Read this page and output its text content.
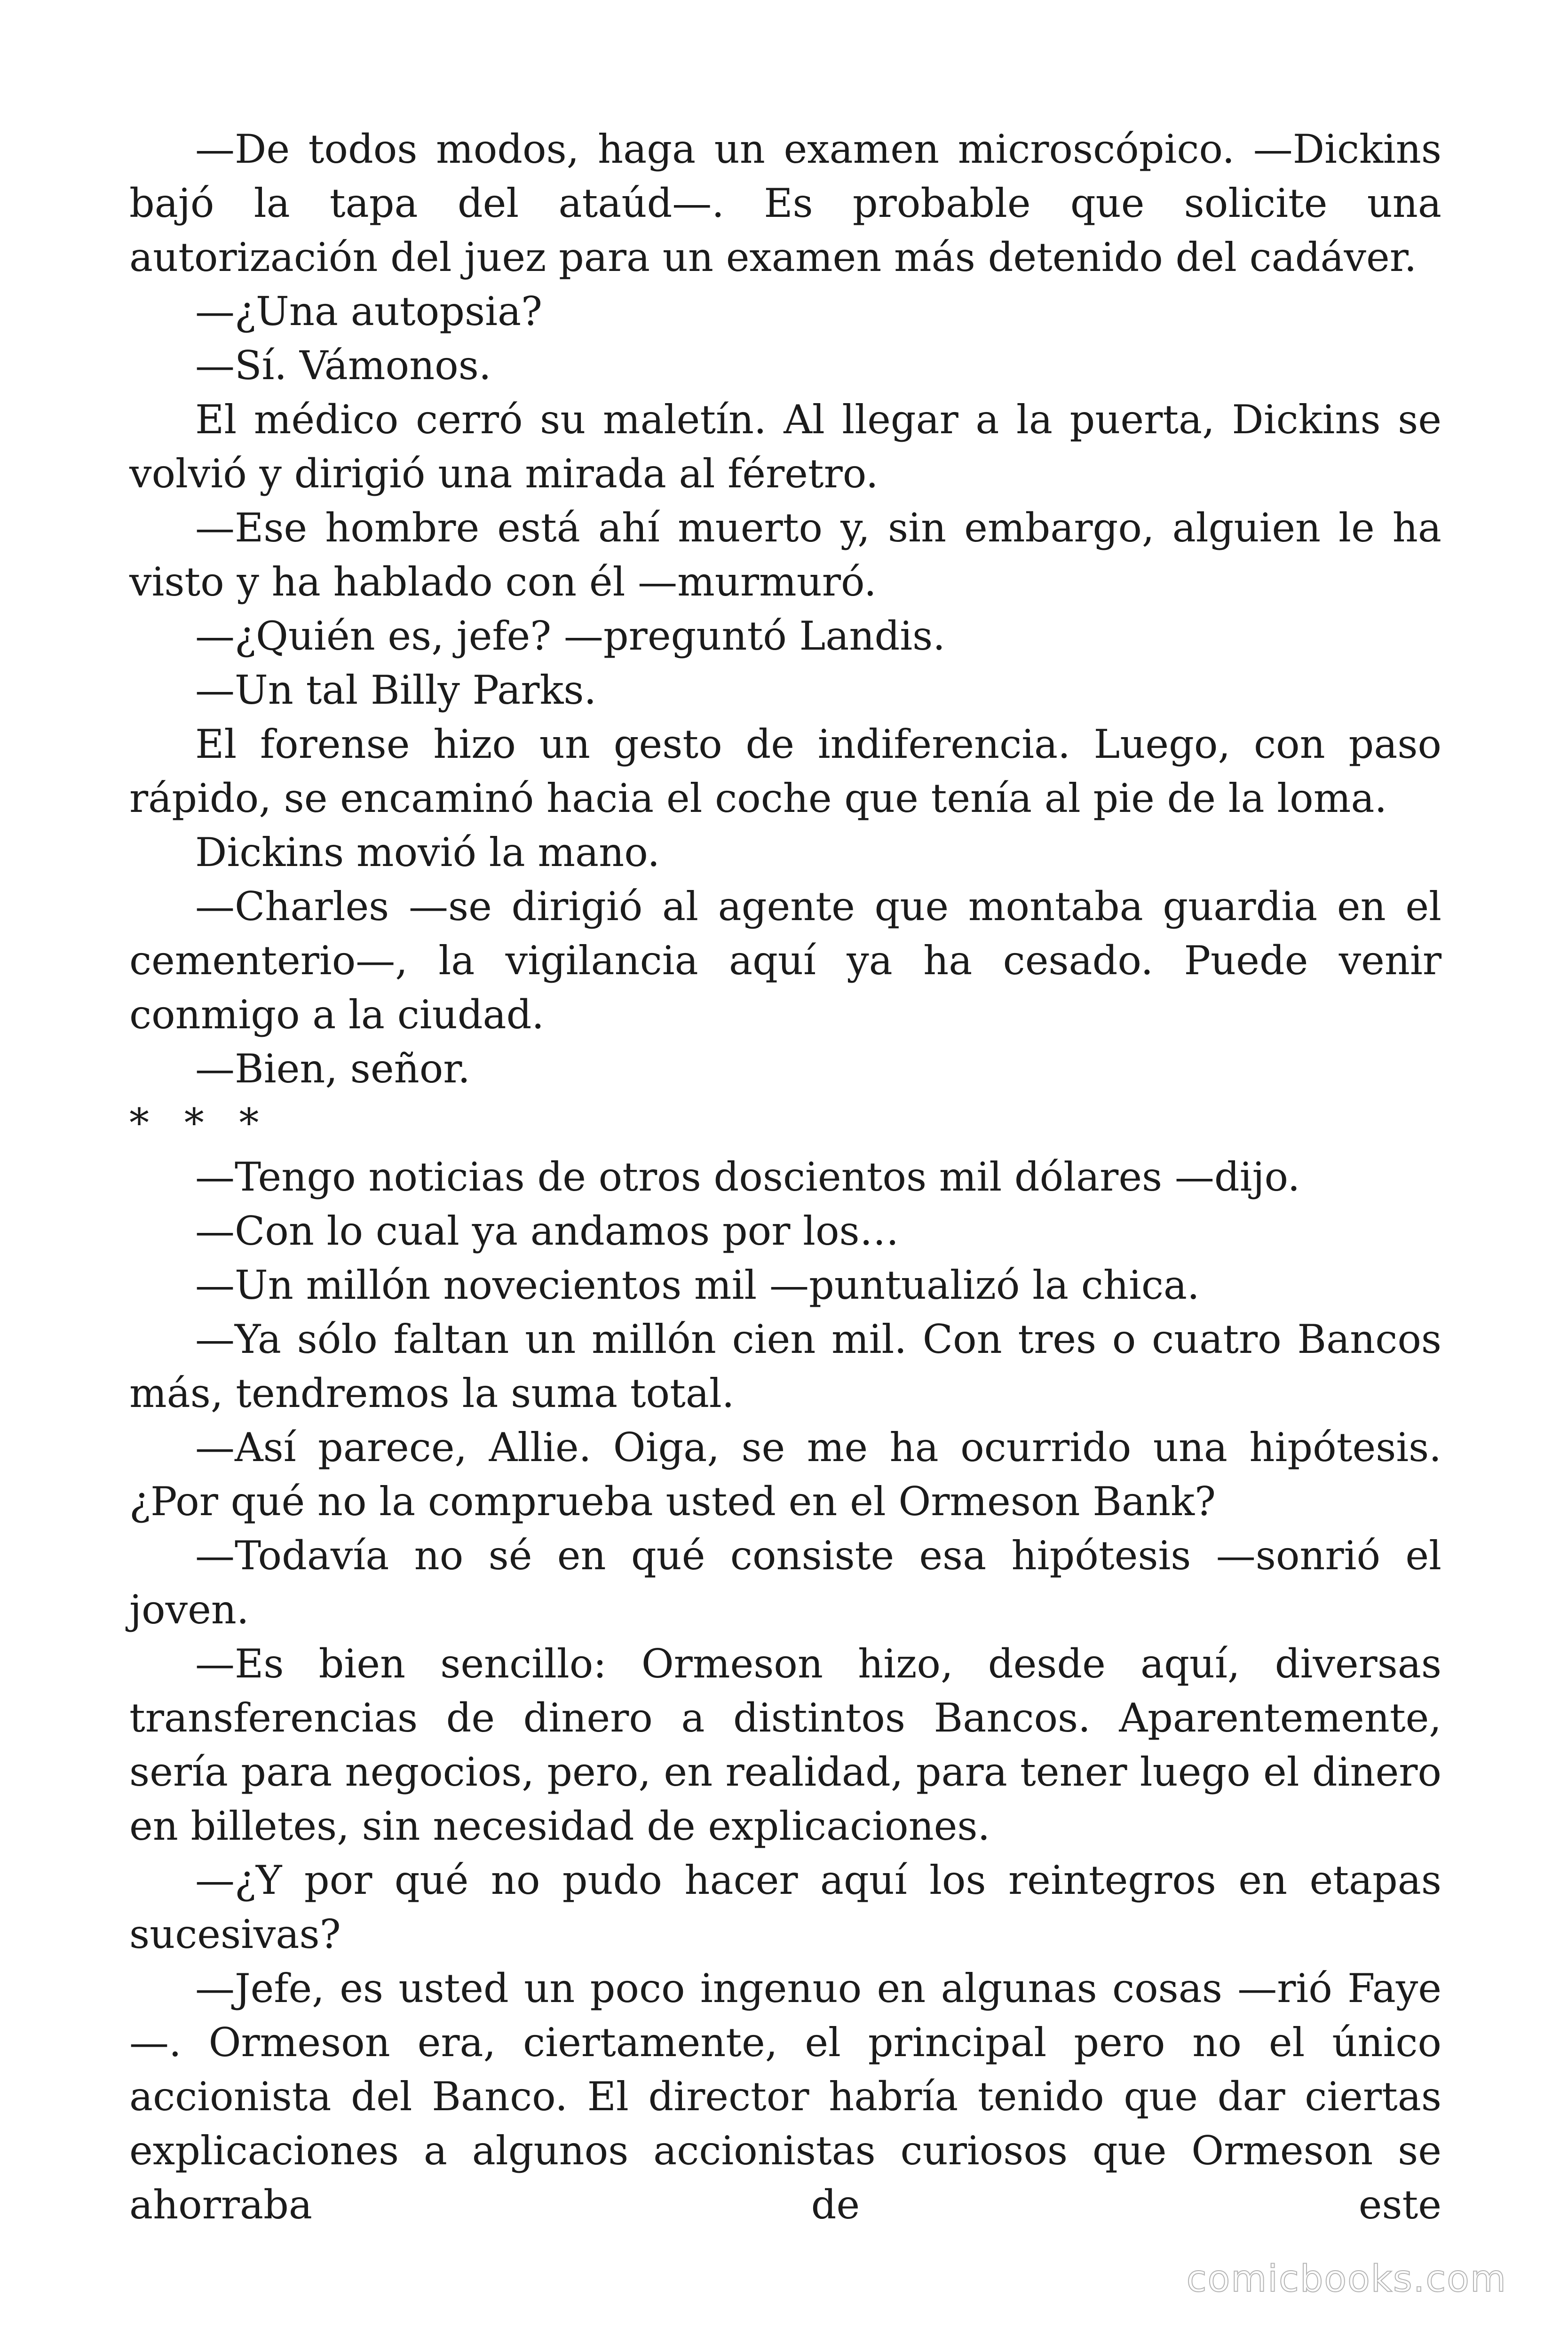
—De todos modos, haga un examen microscópico. —Dickins bajó la tapa del ataúd—. Es probable que solicite una autorización del juez para un examen más detenido del cadáver.

—¿Una autopsia?

—Sí. Vámonos.

El médico cerró su maletín. Al llegar a la puerta, Dickins se volvió y dirigió una mirada al féretro.

—Ese hombre está ahí muerto y, sin embargo, alguien le ha visto y ha hablado con él —murmuró.

—¿Quién es, jefe? —preguntó Landis.

—Un tal Billy Parks.

El forense hizo un gesto de indiferencia. Luego, con paso rápido, se encaminó hacia el coche que tenía al pie de la loma.

Dickins movió la mano.

—Charles —se dirigió al agente que montaba guardia en el cementerio—, la vigilancia aquí ya ha cesado. Puede venir conmigo a la ciudad.

—Bien, señor.

* * *

—Tengo noticias de otros doscientos mil dólares —dijo.

—Con lo cual ya andamos por los…

—Un millón novecientos mil —puntualizó la chica.

—Ya sólo faltan un millón cien mil. Con tres o cuatro Bancos más, tendremos la suma total.

—Así parece, Allie. Oiga, se me ha ocurrido una hipótesis. ¿Por qué no la comprueba usted en el Ormeson Bank?

—Todavía no sé en qué consiste esa hipótesis —sonrió el joven.

—Es bien sencillo: Ormeson hizo, desde aquí, diversas transferencias de dinero a distintos Bancos. Aparentemente, sería para negocios, pero, en realidad, para tener luego el dinero en billetes, sin necesidad de explicaciones.

—¿Y por qué no pudo hacer aquí los reintegros en etapas sucesivas?

—Jefe, es usted un poco ingenuo en algunas cosas —rió Faye—. Ormeson era, ciertamente, el principal pero no el único accionista del Banco. El director habría tenido que dar ciertas explicaciones a algunos accionistas curiosos que Ormeson se ahorraba de este

comicbooks.com
